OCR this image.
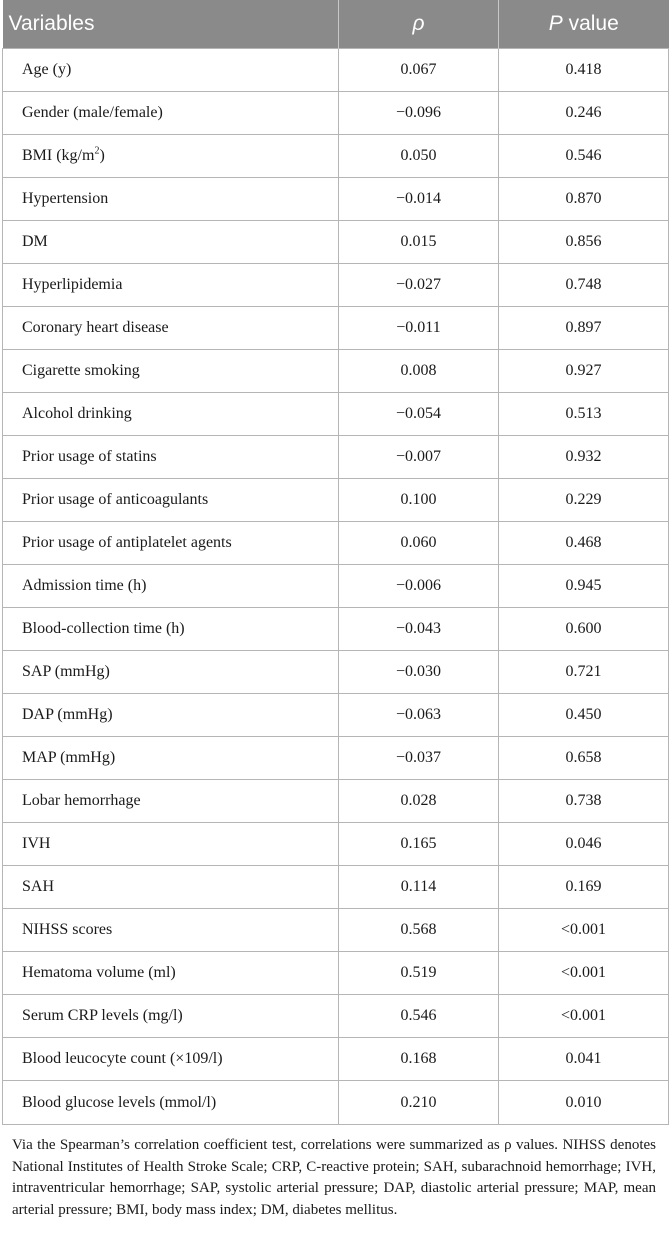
Variables	ρ	P value
Age (y)	0.067	0.418
Gender (male/female)	−0.096	0.246
BMI $(kg/m^2)$	0.050	0.546
Hypertension	−0.014	0.870
DM	0.015	0.856
Hyperlipidemia	−0.027	0.748
Coronary heart disease	−0.011	0.897
Cigarette smoking	0.008	0.927
Alcohol drinking	−0.054	0.513
Prior usage of statins	−0.007	0.932
Prior usage of anticoagulants	0.100	0.229
Prior usage of antiplatelet agents	0.060	0.468
Admission time (h)	−0.006	0.945
Blood-collection time (h)	−0.043	0.600
SAP (mmHg)	−0.030	0.721
DAP (mmHg)	−0.063	0.450
MAP (mmHg)	−0.037	0.658
Lobar hemorrhage	0.028	0.738
IVH	0.165	0.046
SAH	0.114	0.169
NIHSS scores	0.568	<0.001
Hematoma volume (ml)	0.519	<0.001
Serum CRP levels (mg/l)	0.546	<0.001
Blood leucocyte count (×109/l)	0.168	0.041
Blood glucose levels (mmol/l)	0.210	0.010

Via the Spearman’s correlation coefficient test, correlations were summarized as ρ values. NIHSS denotes National Institutes of Health Stroke Scale; CRP, C-reactive protein; SAH, subarachnoid hemorrhage; IVH, intraventricular hemorrhage; SAP, systolic arterial pressure; DAP, diastolic arterial pressure; MAP, mean arterial pressure; BMI, body mass index; DM, diabetes mellitus.
